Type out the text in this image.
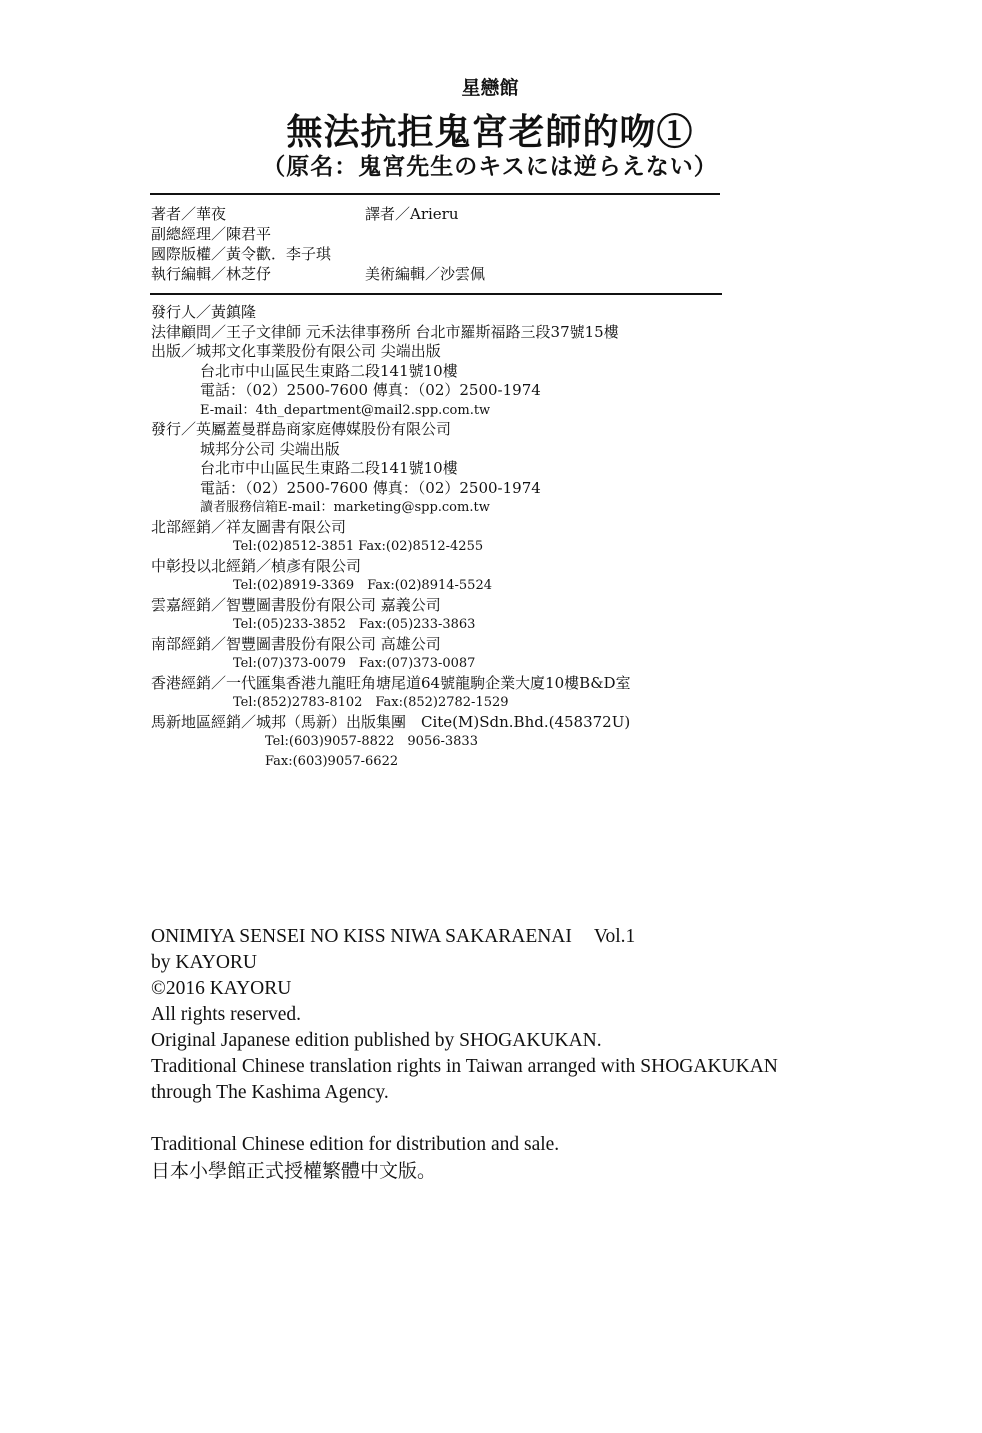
星戀館
無法抗拒鬼宮老師的吻①
（原名：鬼宮先生のキスには逆らえない）
著者／華夜	譯者／Arieru
副總經理／陳君平
國際版權／黃令歡．李子琪
執行編輯／林芝伃	美術編輯／沙雲佩
發行人／黃鎮隆
法律顧問／王子文律師 元禾法律事務所 台北市羅斯福路三段37號15樓
出版／城邦文化事業股份有限公司 尖端出版
台北市中山區民生東路二段141號10樓
電話：（02）2500-7600 傳真：（02）2500-1974
E-mail：4th_department@mail2.spp.com.tw
發行／英屬蓋曼群島商家庭傳媒股份有限公司
城邦分公司 尖端出版
台北市中山區民生東路二段141號10樓
電話：（02）2500-7600 傳真：（02）2500-1974
讀者服務信箱E-mail：marketing@spp.com.tw
北部經銷／祥友圖書有限公司
Tel:(02)8512-3851 Fax:(02)8512-4255
中彰投以北經銷／楨彥有限公司
Tel:(02)8919-3369　Fax:(02)8914-5524
雲嘉經銷／智豐圖書股份有限公司 嘉義公司
Tel:(05)233-3852　Fax:(05)233-3863
南部經銷／智豐圖書股份有限公司 高雄公司
Tel:(07)373-0079　Fax:(07)373-0087
香港經銷／一代匯集香港九龍旺角塘尾道64號龍駒企業大廈10樓B&D室
Tel:(852)2783-8102　Fax:(852)2782-1529
馬新地區經銷／城邦（馬新）出版集團　Cite(M)Sdn.Bhd.(458372U)
Tel:(603)9057-8822　9056-3833
Fax:(603)9057-6622
ONIMIYA SENSEI NO KISS NIWA SAKARAENAI Vol.1
by KAYORU
©2016 KAYORU
All rights reserved.
Original Japanese edition published by SHOGAKUKAN.
Traditional Chinese translation rights in Taiwan arranged with SHOGAKUKAN
through The Kashima Agency.
Traditional Chinese edition for distribution and sale.
日本小學館正式授權繁體中文版。
